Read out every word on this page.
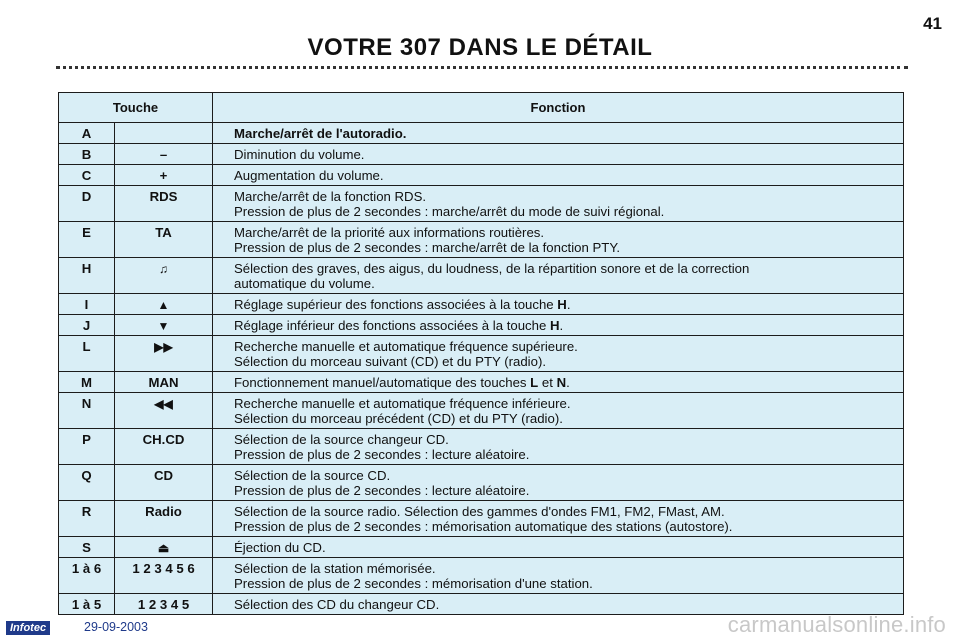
41
VOTRE 307 DANS LE DÉTAIL
Touche		Fonction
A		Marche/arrêt de l'autoradio.

B	–	Diminution du volume.

C	+	Augmentation du volume.

D	RDS	Marche/arrêt de la fonction RDS.
Pression de plus de 2 secondes : marche/arrêt du mode de suivi régional.

E	TA	Marche/arrêt de la priorité aux informations routières.
Pression de plus de 2 secondes : marche/arrêt de la fonction PTY.

H	♫	Sélection des graves, des aigus, du loudness, de la répartition sonore et de la correction
automatique du volume.

I	▲	Réglage supérieur des fonctions associées à la touche H.

J	▼	Réglage inférieur des fonctions associées à la touche H.

L	▶▶	Recherche manuelle et automatique fréquence supérieure.
Sélection du morceau suivant (CD) et du PTY (radio).

M	MAN	Fonctionnement manuel/automatique des touches L et N.

N	◀◀	Recherche manuelle et automatique fréquence inférieure.
Sélection du morceau précédent (CD) et du PTY (radio).

P	CH.CD	Sélection de la source changeur CD.
Pression de plus de 2 secondes : lecture aléatoire.

Q	CD	Sélection de la source CD.
Pression de plus de 2 secondes : lecture aléatoire.

R	Radio	Sélection de la source radio. Sélection des gammes d'ondes FM1, FM2, FMast, AM.
Pression de plus de 2 secondes : mémorisation automatique des stations (autostore).

S	⏏	Éjection du CD.

1 à 6	1 2 3 4 5 6	Sélection de la station mémorisée.
Pression de plus de 2 secondes : mémorisation d'une station.

1 à 5	1 2 3 4 5	Sélection des CD du changeur CD.
Infotec	29-09-2003	carmanualsonline.info
